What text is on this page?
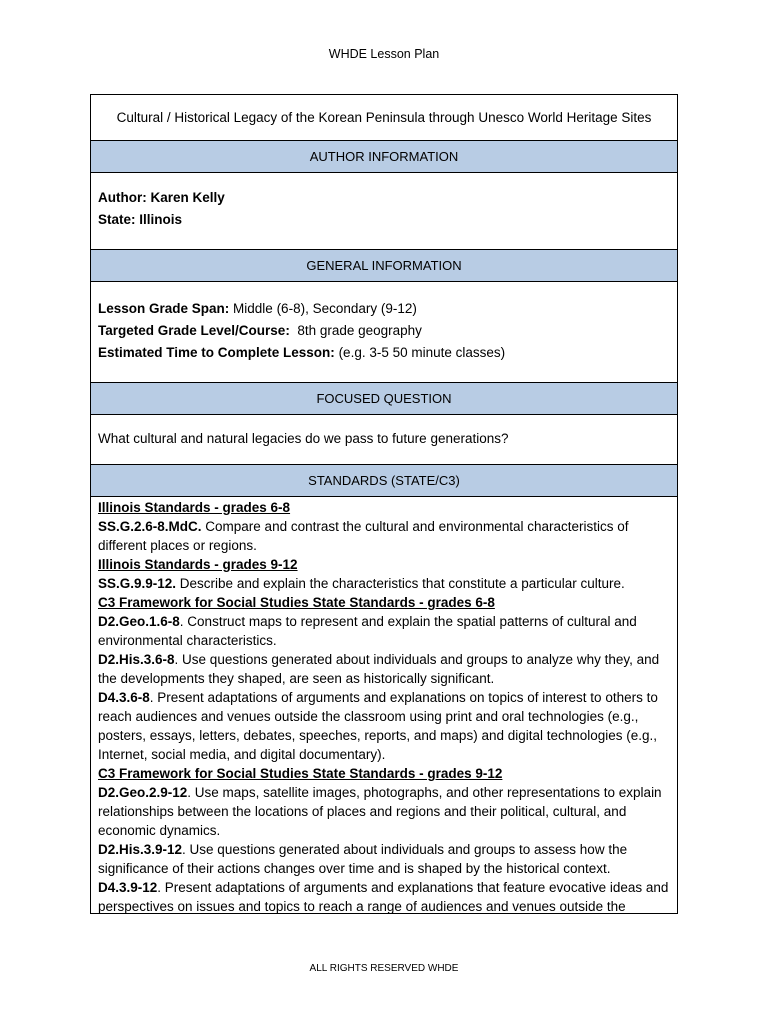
WHDE Lesson Plan
Cultural / Historical Legacy of the Korean Peninsula through Unesco World Heritage Sites
AUTHOR INFORMATION
Author: Karen Kelly
State: Illinois
GENERAL INFORMATION
Lesson Grade Span: Middle (6-8), Secondary (9-12)
Targeted Grade Level/Course:  8th grade geography
Estimated Time to Complete Lesson: (e.g. 3-5 50 minute classes)
FOCUSED QUESTION
What cultural and natural legacies do we pass to future generations?
STANDARDS (STATE/C3)
Illinois Standards - grades 6-8
SS.G.2.6-8.MdC. Compare and contrast the cultural and environmental characteristics of different places or regions.
Illinois Standards - grades 9-12
SS.G.9.9-12. Describe and explain the characteristics that constitute a particular culture.
C3 Framework for Social Studies State Standards - grades 6-8
D2.Geo.1.6-8. Construct maps to represent and explain the spatial patterns of cultural and environmental characteristics.
D2.His.3.6-8. Use questions generated about individuals and groups to analyze why they, and the developments they shaped, are seen as historically significant.
D4.3.6-8. Present adaptations of arguments and explanations on topics of interest to others to reach audiences and venues outside the classroom using print and oral technologies (e.g., posters, essays, letters, debates, speeches, reports, and maps) and digital technologies (e.g., Internet, social media, and digital documentary).
C3 Framework for Social Studies State Standards - grades 9-12
D2.Geo.2.9-12. Use maps, satellite images, photographs, and other representations to explain relationships between the locations of places and regions and their political, cultural, and economic dynamics.
D2.His.3.9-12. Use questions generated about individuals and groups to assess how the significance of their actions changes over time and is shaped by the historical context.
D4.3.9-12. Present adaptations of arguments and explanations that feature evocative ideas and perspectives on issues and topics to reach a range of audiences and venues outside the
ALL RIGHTS RESERVED WHDE
